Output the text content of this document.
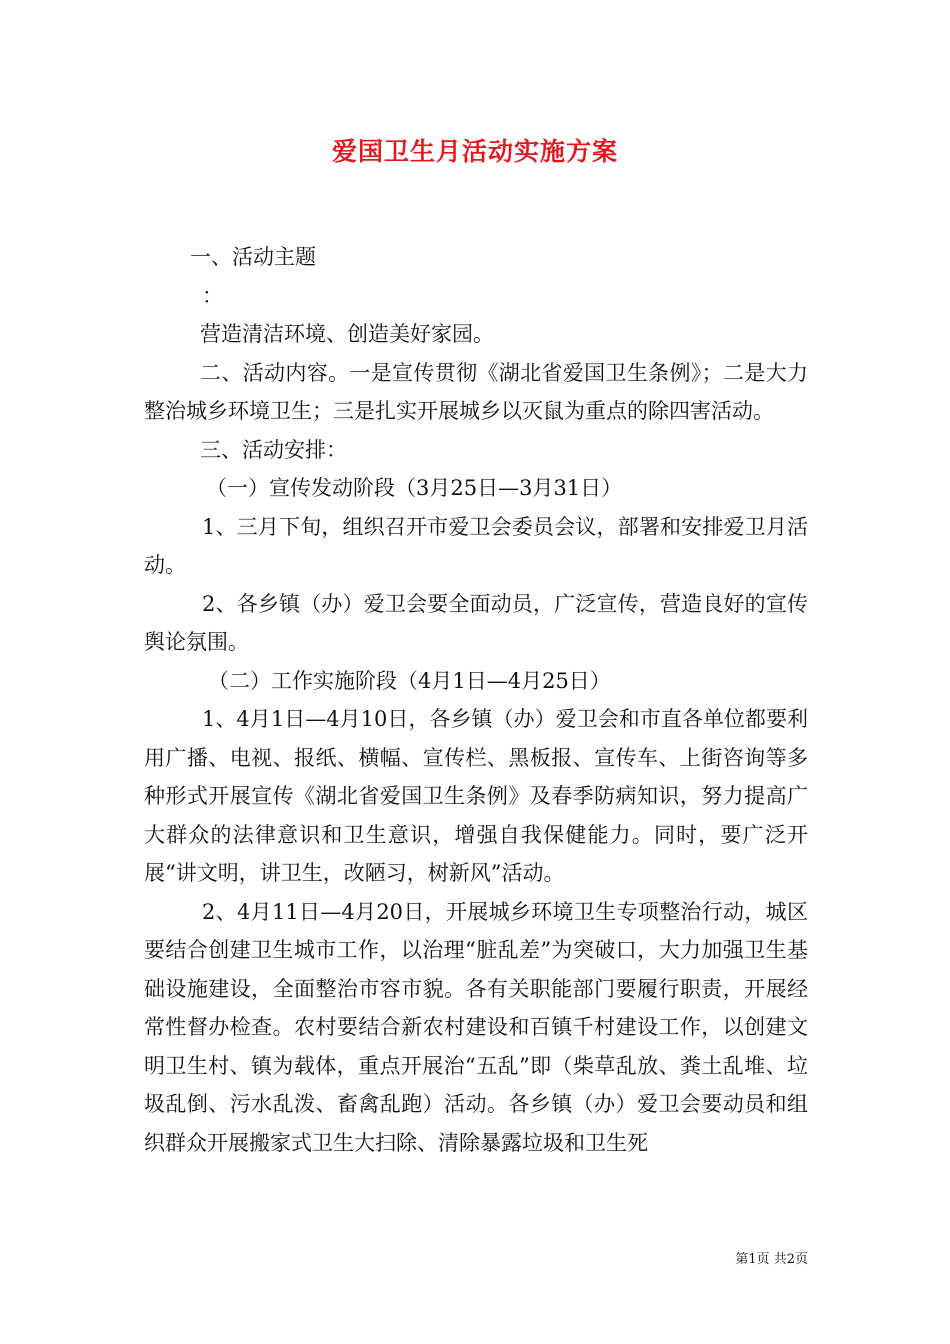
爱国卫生月活动实施方案

一、活动主题

：

营造清洁环境、创造美好家园。

二、活动内容。一是宣传贯彻《湖北省爱国卫生条例》；二是大力整治城乡环境卫生；三是扎实开展城乡以灭鼠为重点的除四害活动。

三、活动安排：

（一）宣传发动阶段（3月25日—3月31日）

1、三月下旬，组织召开市爱卫会委员会议，部署和安排爱卫月活动。

2、各乡镇（办）爱卫会要全面动员，广泛宣传，营造良好的宣传舆论氛围。

（二）工作实施阶段（4月1日—4月25日）

1、4月1日—4月10日，各乡镇（办）爱卫会和市直各单位都要利用广播、电视、报纸、横幅、宣传栏、黑板报、宣传车、上街咨询等多种形式开展宣传《湖北省爱国卫生条例》及春季防病知识，努力提高广大群众的法律意识和卫生意识，增强自我保健能力。同时，要广泛开展“讲文明，讲卫生，改陋习，树新风”活动。

2、4月11日—4月20日，开展城乡环境卫生专项整治行动，城区要结合创建卫生城市工作，以治理“脏乱差”为突破口，大力加强卫生基础设施建设，全面整治市容市貌。各有关职能部门要履行职责，开展经常性督办检查。农村要结合新农村建设和百镇千村建设工作，以创建文明卫生村、镇为载体，重点开展治“五乱”即（柴草乱放、粪土乱堆、垃圾乱倒、污水乱泼、畜禽乱跑）活动。各乡镇（办）爱卫会要动员和组织群众开展搬家式卫生大扫除、清除暴露垃圾和卫生死

第1页 共2页
